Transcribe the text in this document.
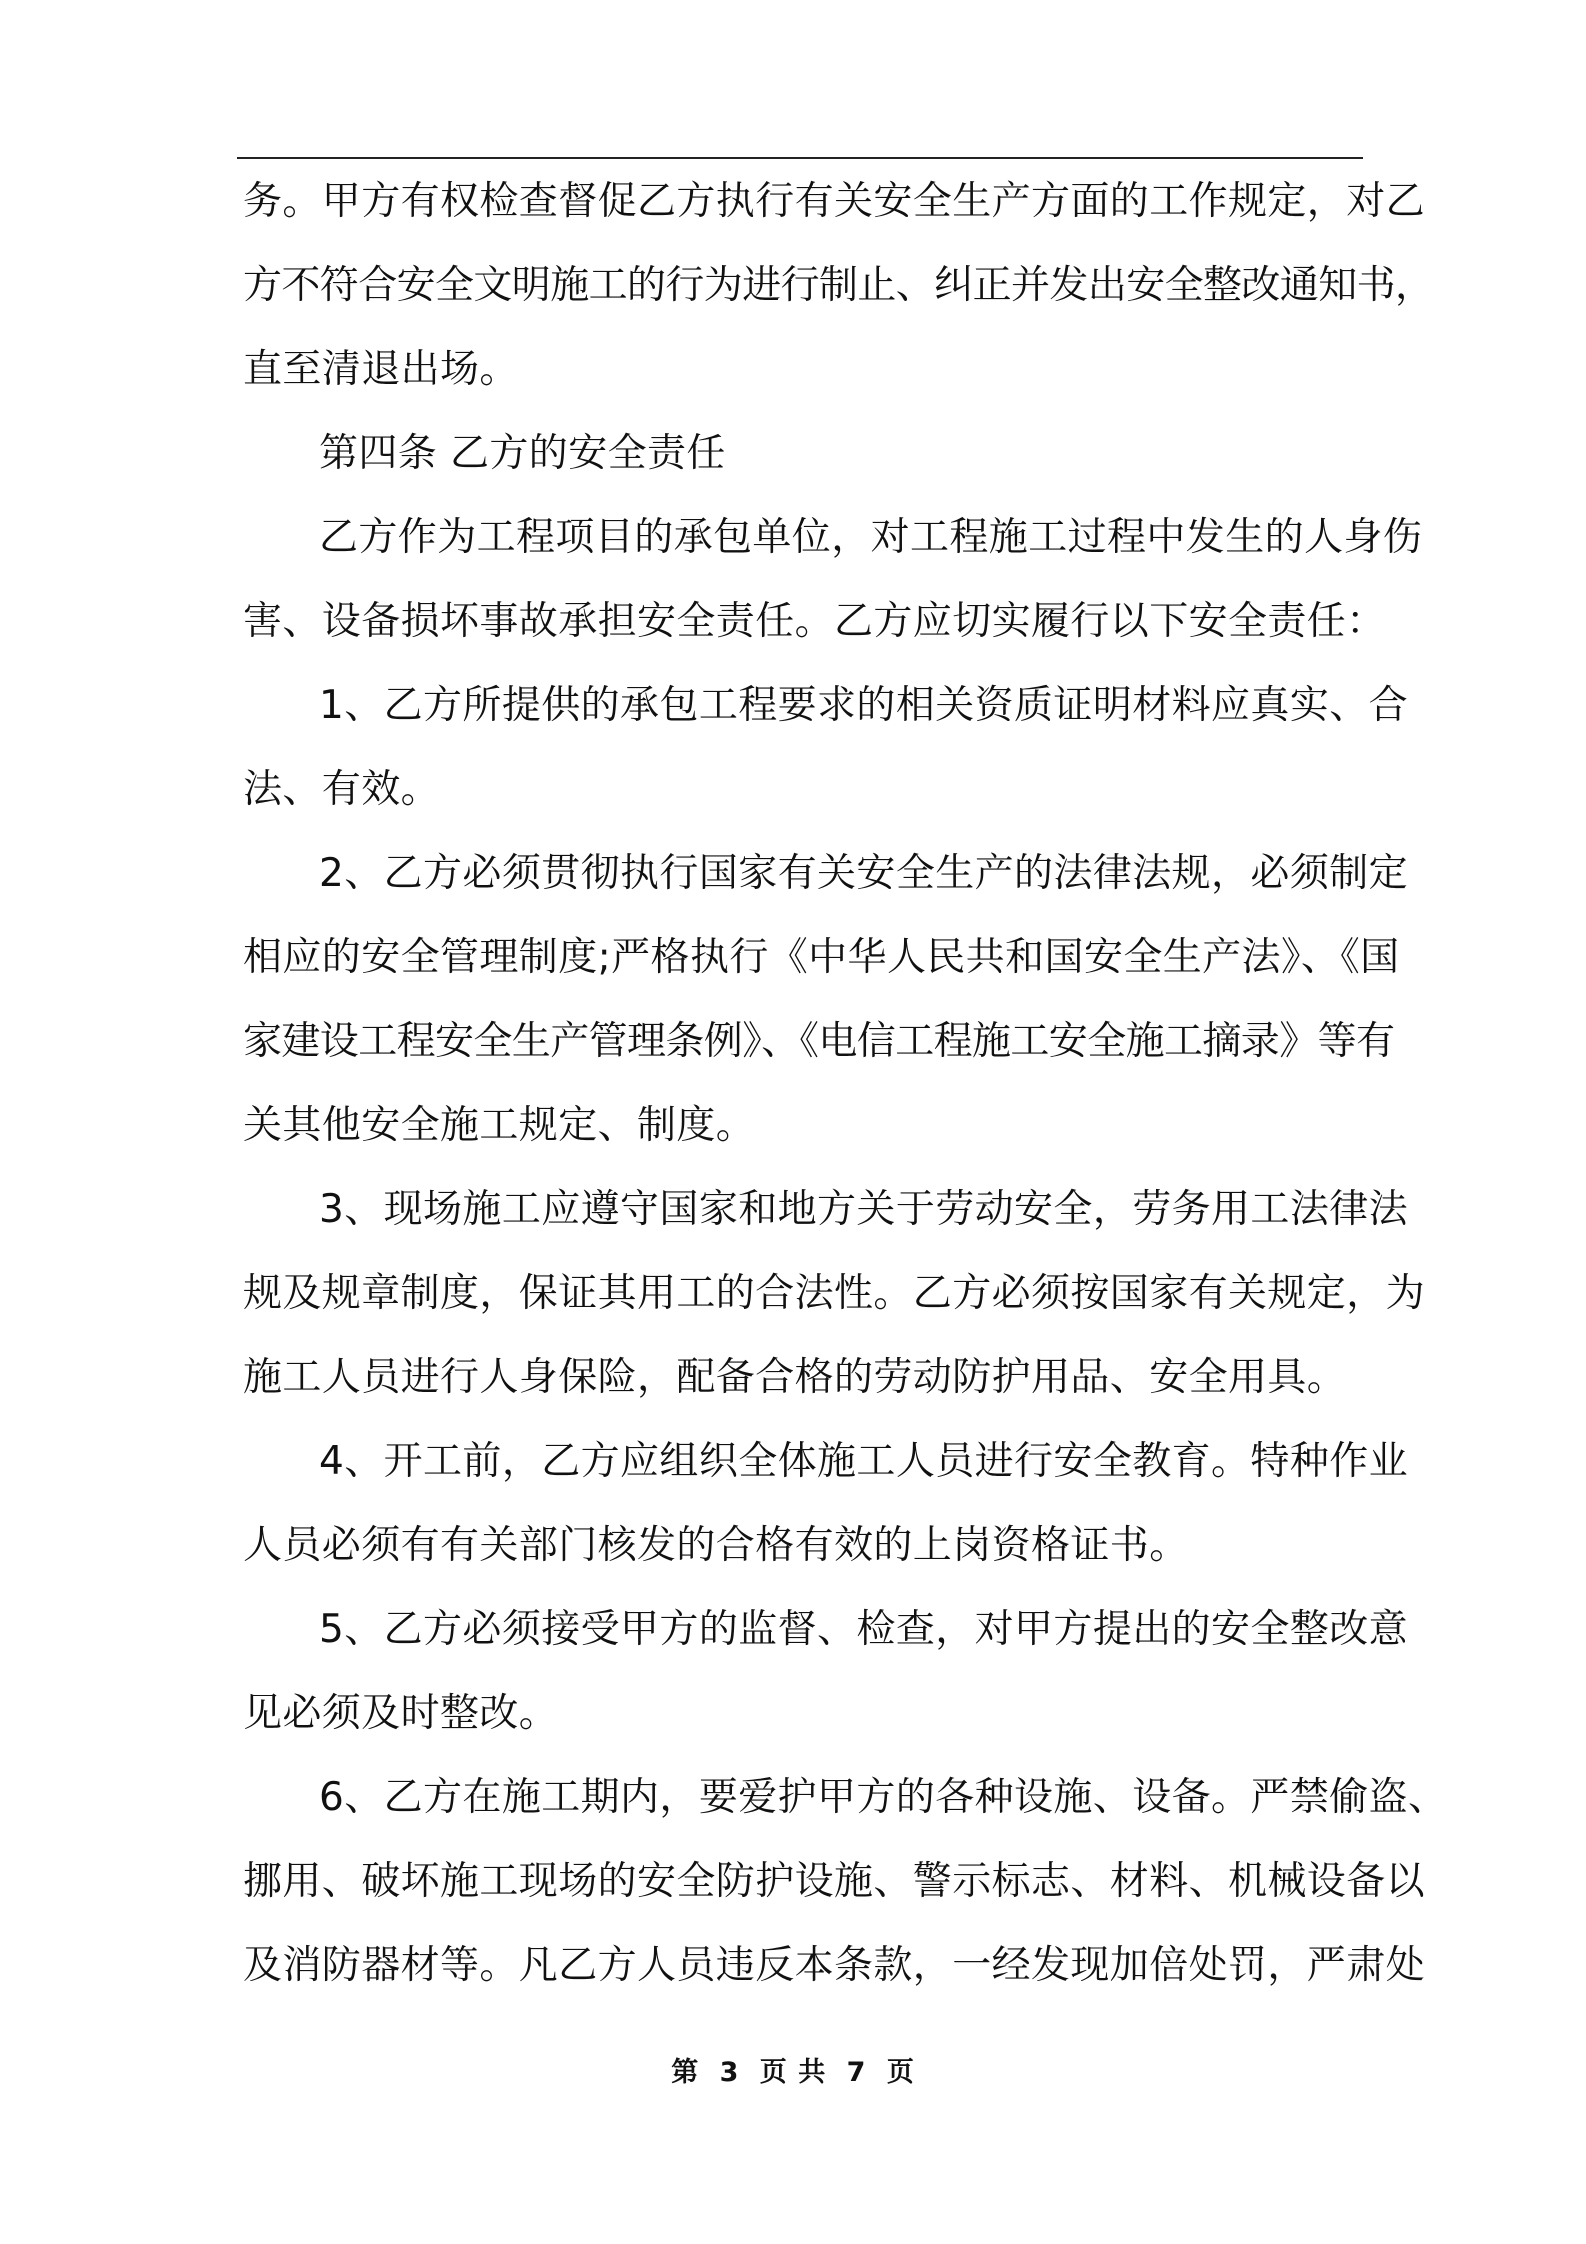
务。甲方有权检查督促乙方执行有关安全生产方面的工作规定，对乙
方不符合安全文明施工的行为进行制止、纠正并发出安全整改通知书，
直至清退出场。
第四条 乙方的安全责任
乙方作为工程项目的承包单位，对工程施工过程中发生的人身伤
害、设备损坏事故承担安全责任。乙方应切实履行以下安全责任：
1、乙方所提供的承包工程要求的相关资质证明材料应真实、合
法、有效。
2、乙方必须贯彻执行国家有关安全生产的法律法规，必须制定
相应的安全管理制度;严格执行《中华人民共和国安全生产法》、《国
家建设工程安全生产管理条例》、《电信工程施工安全施工摘录》等有
关其他安全施工规定、制度。
3、现场施工应遵守国家和地方关于劳动安全，劳务用工法律法
规及规章制度，保证其用工的合法性。乙方必须按国家有关规定，为
施工人员进行人身保险，配备合格的劳动防护用品、安全用具。
4、开工前，乙方应组织全体施工人员进行安全教育。特种作业
人员必须有有关部门核发的合格有效的上岗资格证书。
5、乙方必须接受甲方的监督、检查，对甲方提出的安全整改意
见必须及时整改。
6、乙方在施工期内，要爱护甲方的各种设施、设备。严禁偷盗、
挪用、破坏施工现场的安全防护设施、警示标志、材料、机械设备以
及消防器材等。凡乙方人员违反本条款，一经发现加倍处罚，严肃处
第 3 页 共 7 页
